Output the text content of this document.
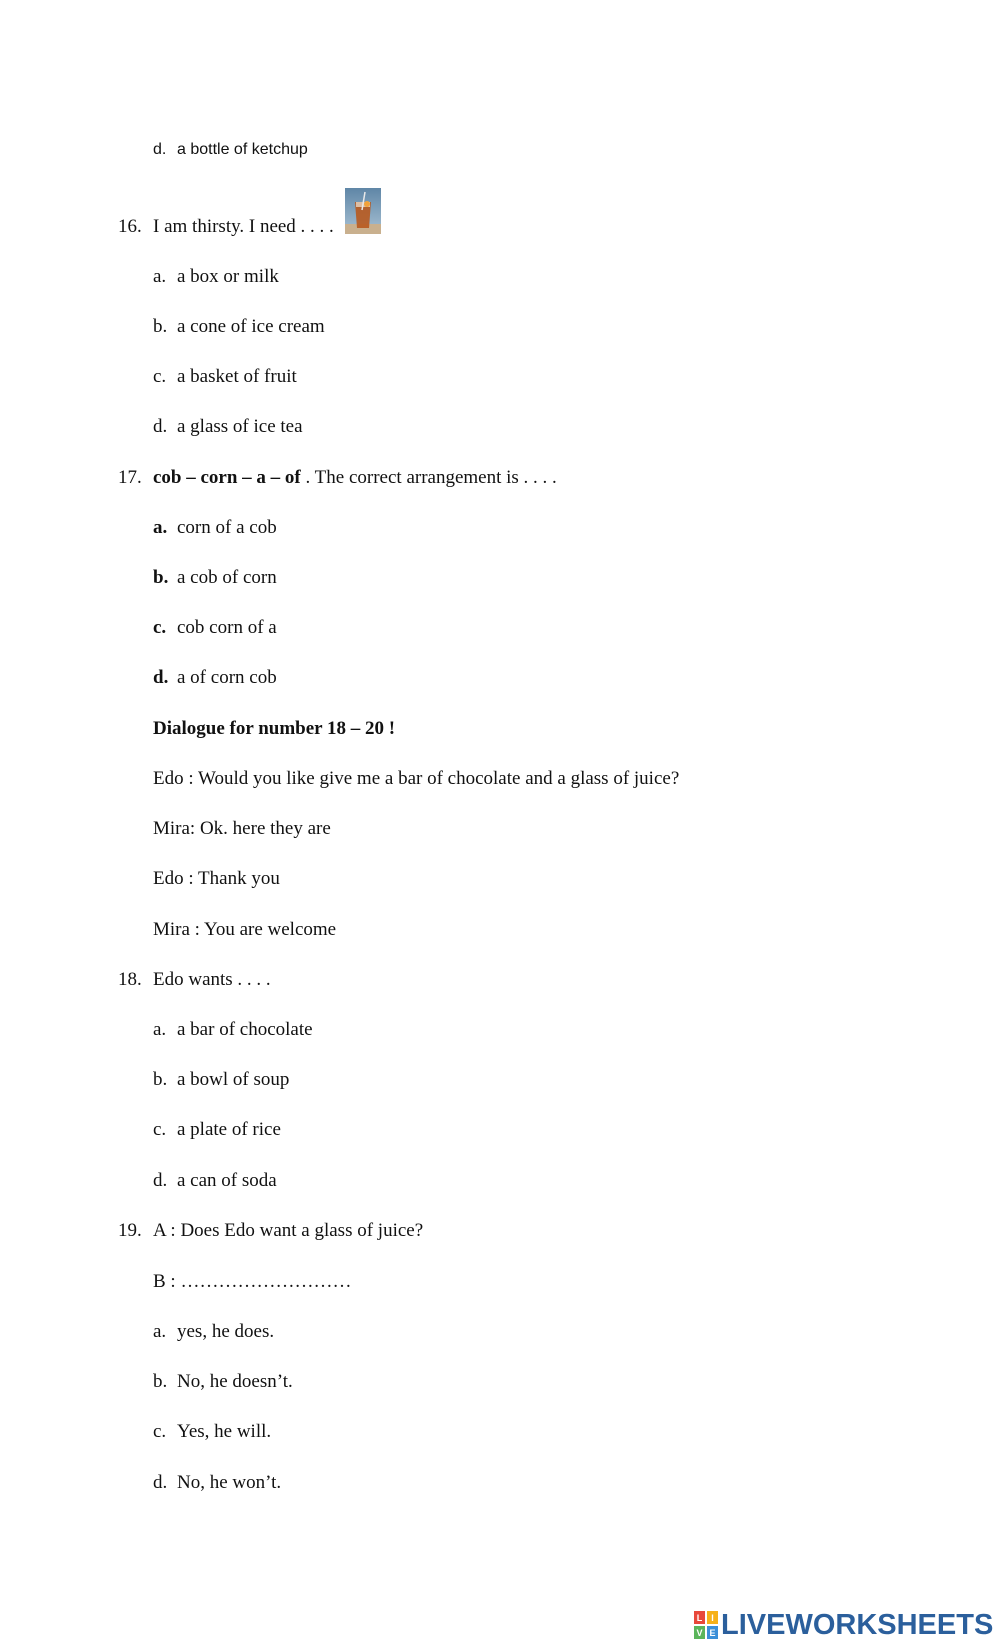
d. a bottle of ketchup
16. I am thirsty. I need . . . .
a. a box or milk
b. a cone of ice cream
c. a basket of fruit
d. a glass of ice tea
17. cob – corn – a – of . The correct arrangement is . . . .
a. corn of a cob
b. a cob of corn
c. cob corn of a
d. a of corn cob
Dialogue for number 18 – 20 !
Edo : Would you like give me a bar of chocolate and a glass of juice?
Mira: Ok. here they are
Edo : Thank you
Mira : You are welcome
18. Edo wants . . . .
a. a bar of chocolate
b. a bowl of soup
c. a plate of rice
d. a can of soda
19. A : Does Edo want a glass of juice?
B : ………………………
a. yes, he does.
b. No, he doesn’t.
c. Yes, he will.
d. No, he won’t.
L I
V E LIVEWORKSHEETS
